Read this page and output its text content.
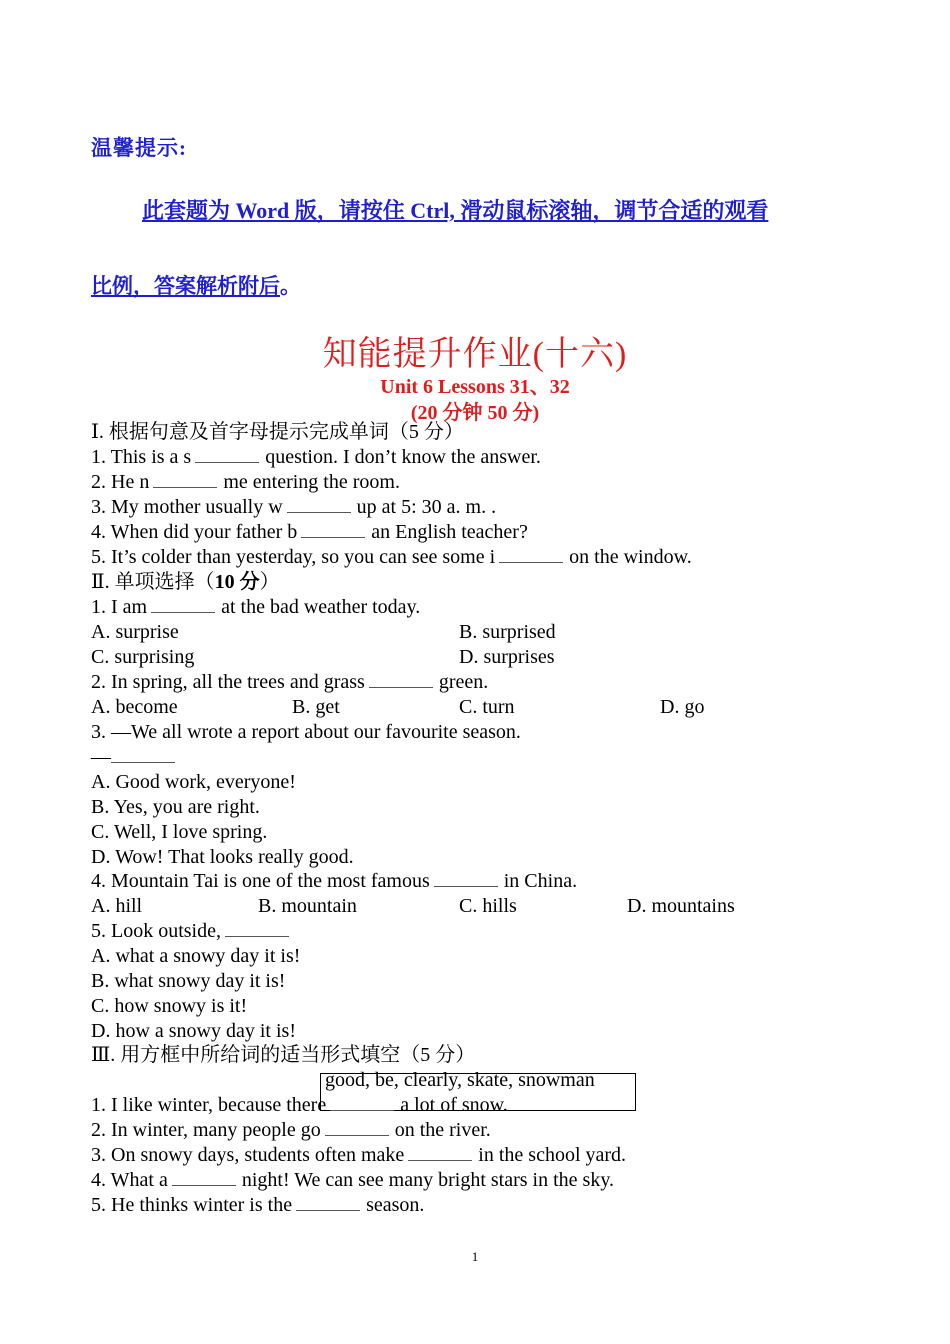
温馨提示:
此套题为 Word 版，请按住 Ctrl, 滑动鼠标滚轴，调节合适的观看
比例，答案解析附后。
知能提升作业(十六)
Unit 6 Lessons 31、32
(20 分钟 50 分)
Ⅰ. 根据句意及首字母提示完成单词（5 分）
1. This is a s	question. I don’t know the answer.
2. He n	me entering the room.
3. My mother usually w	up at 5: 30 a. m. .
4. When did your father b	an English teacher?
5. It’s colder than yesterday, so you can see some i	on the window.
Ⅱ. 单项选择（10 分）
1. I am	at the bad weather today.
A. surprise	B. surprised
C. surprising	D. surprises
2. In spring, all the trees and grass	green.
A. become	B. get	C. turn	D. go
3. —We all wrote a report about our favourite season.
—
A. Good work, everyone!
B. Yes, you are right.
C. Well, I love spring.
D. Wow! That looks really good.
4. Mountain Tai is one of the most famous	in China.
A. hill	B. mountain	C. hills	D. mountains
5. Look outside,
A. what a snowy day it is!
B. what snowy day it is!
C. how snowy is it!
D. how a snowy day it is!
Ⅲ. 用方框中所给词的适当形式填空（5 分）
good, be, clearly, skate, snowman
1. I like winter, because there	a lot of snow.
2. In winter, many people go	on the river.
3. On snowy days, students often make	in the school yard.
4. What a	night! We can see many bright stars in the sky.
5. He thinks winter is the	season.
1
